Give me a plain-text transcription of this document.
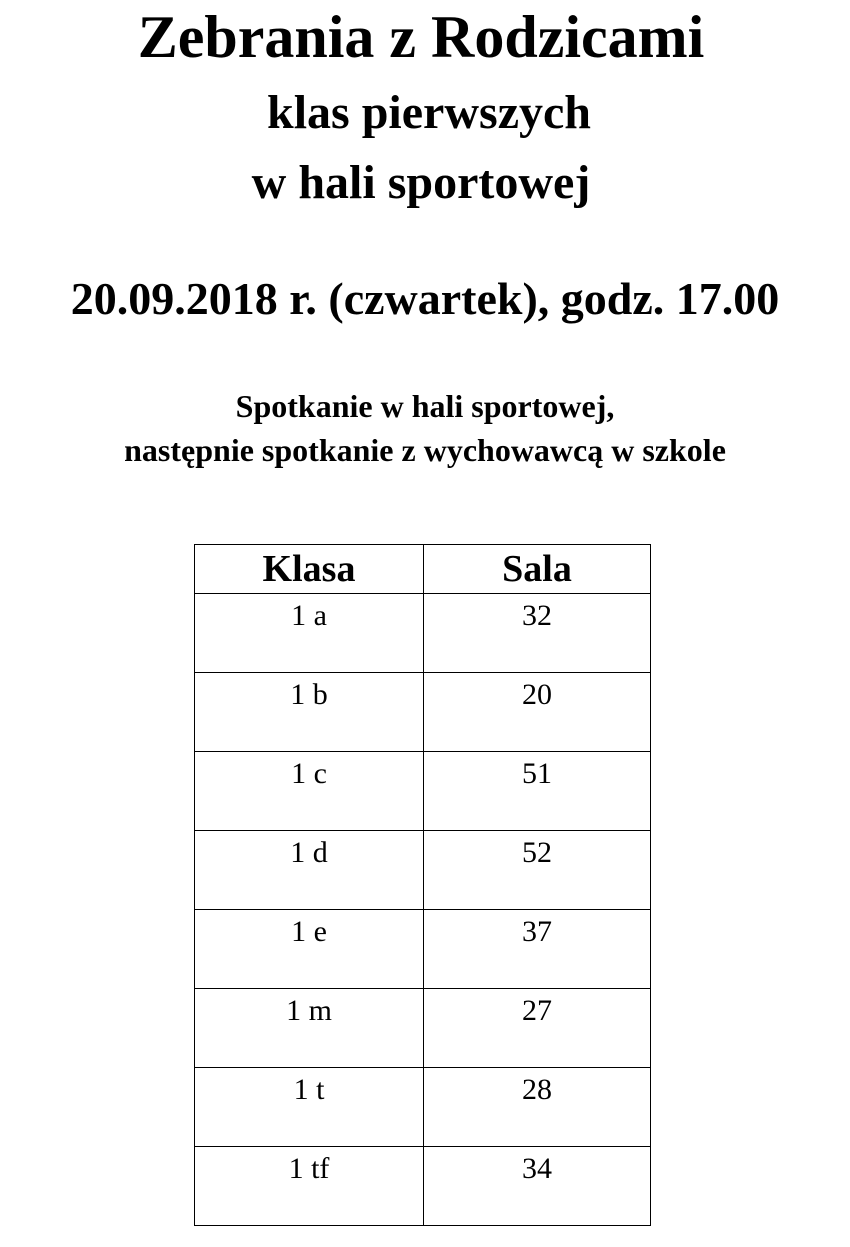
Zebrania z Rodzicami
klas pierwszych
w hali sportowej
20.09.2018 r. (czwartek), godz. 17.00
Spotkanie w hali sportowej,
następnie spotkanie z wychowawcą w szkole
Klasa	Sala
1 a	32
1 b	20
1 c	51
1 d	52
1 e	37
1 m	27
1 t	28
1 tf	34
